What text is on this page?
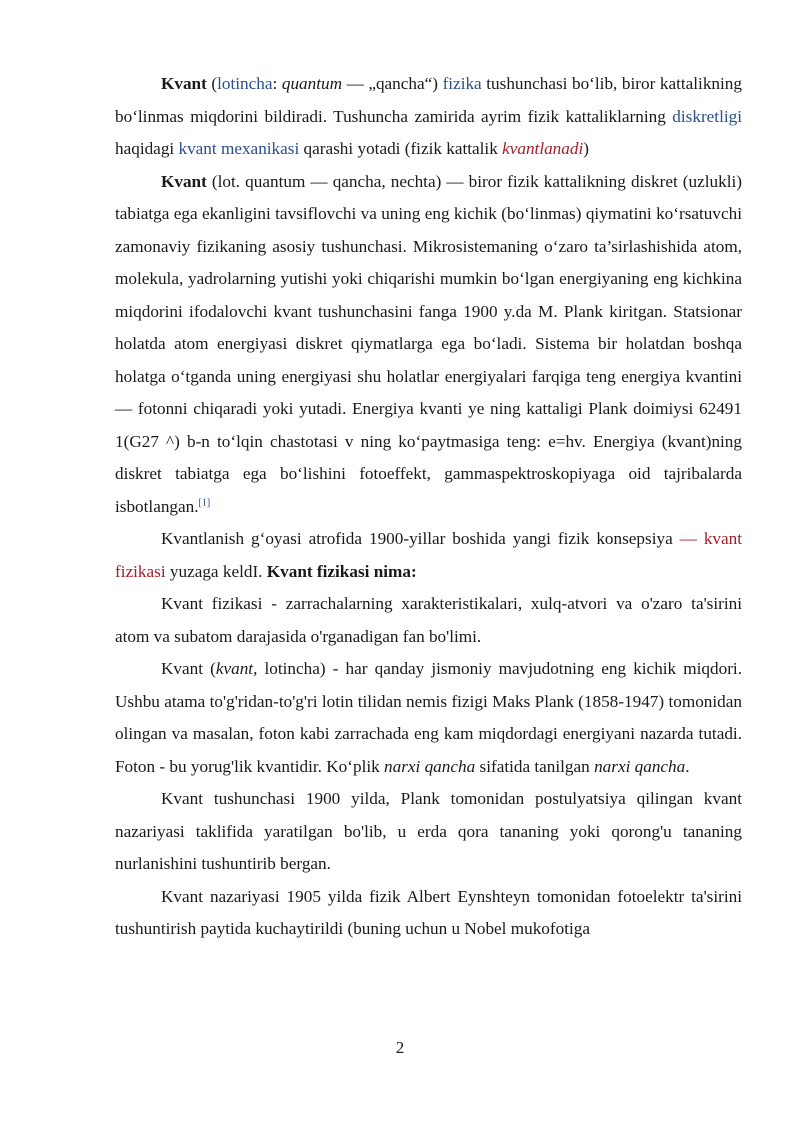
Kvant (lotincha: quantum — „qancha“) fizika tushunchasi bo‘lib, biror kattalikning bo‘linmas miqdorini bildiradi. Tushuncha zamirida ayrim fizik kattaliklarning diskretligi haqidagi kvant mexanikasi qarashi yotadi (fizik kattalik kvantlanadi)

Kvant (lot. quantum — qancha, nechta) — biror fizik kattalikning diskret (uzlukli) tabiatga ega ekanligini tavsiflovchi va uning eng kichik (bo‘linmas) qiymatini ko‘rsatuvchi zamonaviy fizikaning asosiy tushunchasi. Mikrosistemaning o‘zaro ta’sirlashishida atom, molekula, yadrolarning yutishi yoki chiqarishi mumkin bo‘lgan energiyaning eng kichkina miqdorini ifodalovchi kvant tushunchasini fanga 1900 y.da M. Plank kiritgan. Statsionar holatda atom energiyasi diskret qiymatlarga ega bo‘ladi. Sistema bir holatdan boshqa holatga o‘tganda uning energiyasi shu holatlar energiyalari farqiga teng energiya kvantini — fotonni chiqaradi yoki yutadi. Energiya kvanti ye ning kattaligi Plank doimiysi 62491 1(G27 ^) b-n to‘lqin chastotasi v ning ko‘paytmasiga teng: e=hv. Energiya (kvant)ning diskret tabiatga ega bo‘lishini fotoeffekt, gammaspektroskopiyaga oid tajribalarda isbotlangan.[1]

Kvantlanish g‘oyasi atrofida 1900-yillar boshida yangi fizik konsepsiya — kvant fizikasi yuzaga keldI. Kvant fizikasi nima:

Kvant fizikasi - zarrachalarning xarakteristikalari, xulq-atvori va o'zaro ta'sirini atom va subatom darajasida o'rganadigan fan bo'limi.

Kvant (kvant, lotincha) - har qanday jismoniy mavjudotning eng kichik miqdori. Ushbu atama to'g'ridan-to'g'ri lotin tilidan nemis fizigi Maks Plank (1858-1947) tomonidan olingan va masalan, foton kabi zarrachada eng kam miqdordagi energiyani nazarda tutadi. Foton - bu yorug'lik kvantidir. Ko‘plik narxi qancha sifatida tanilgan narxi qancha.

Kvant tushunchasi 1900 yilda, Plank tomonidan postulyatsiya qilingan kvant nazariyasi taklifida yaratilgan bo'lib, u erda qora tananing yoki qorong'u tananing nurlanishini tushuntirib bergan.

Kvant nazariyasi 1905 yilda fizik Albert Eynshteyn tomonidan fotoelektr ta'sirini tushuntirish paytida kuchaytirildi (buning uchun u Nobel mukofotiga

2
